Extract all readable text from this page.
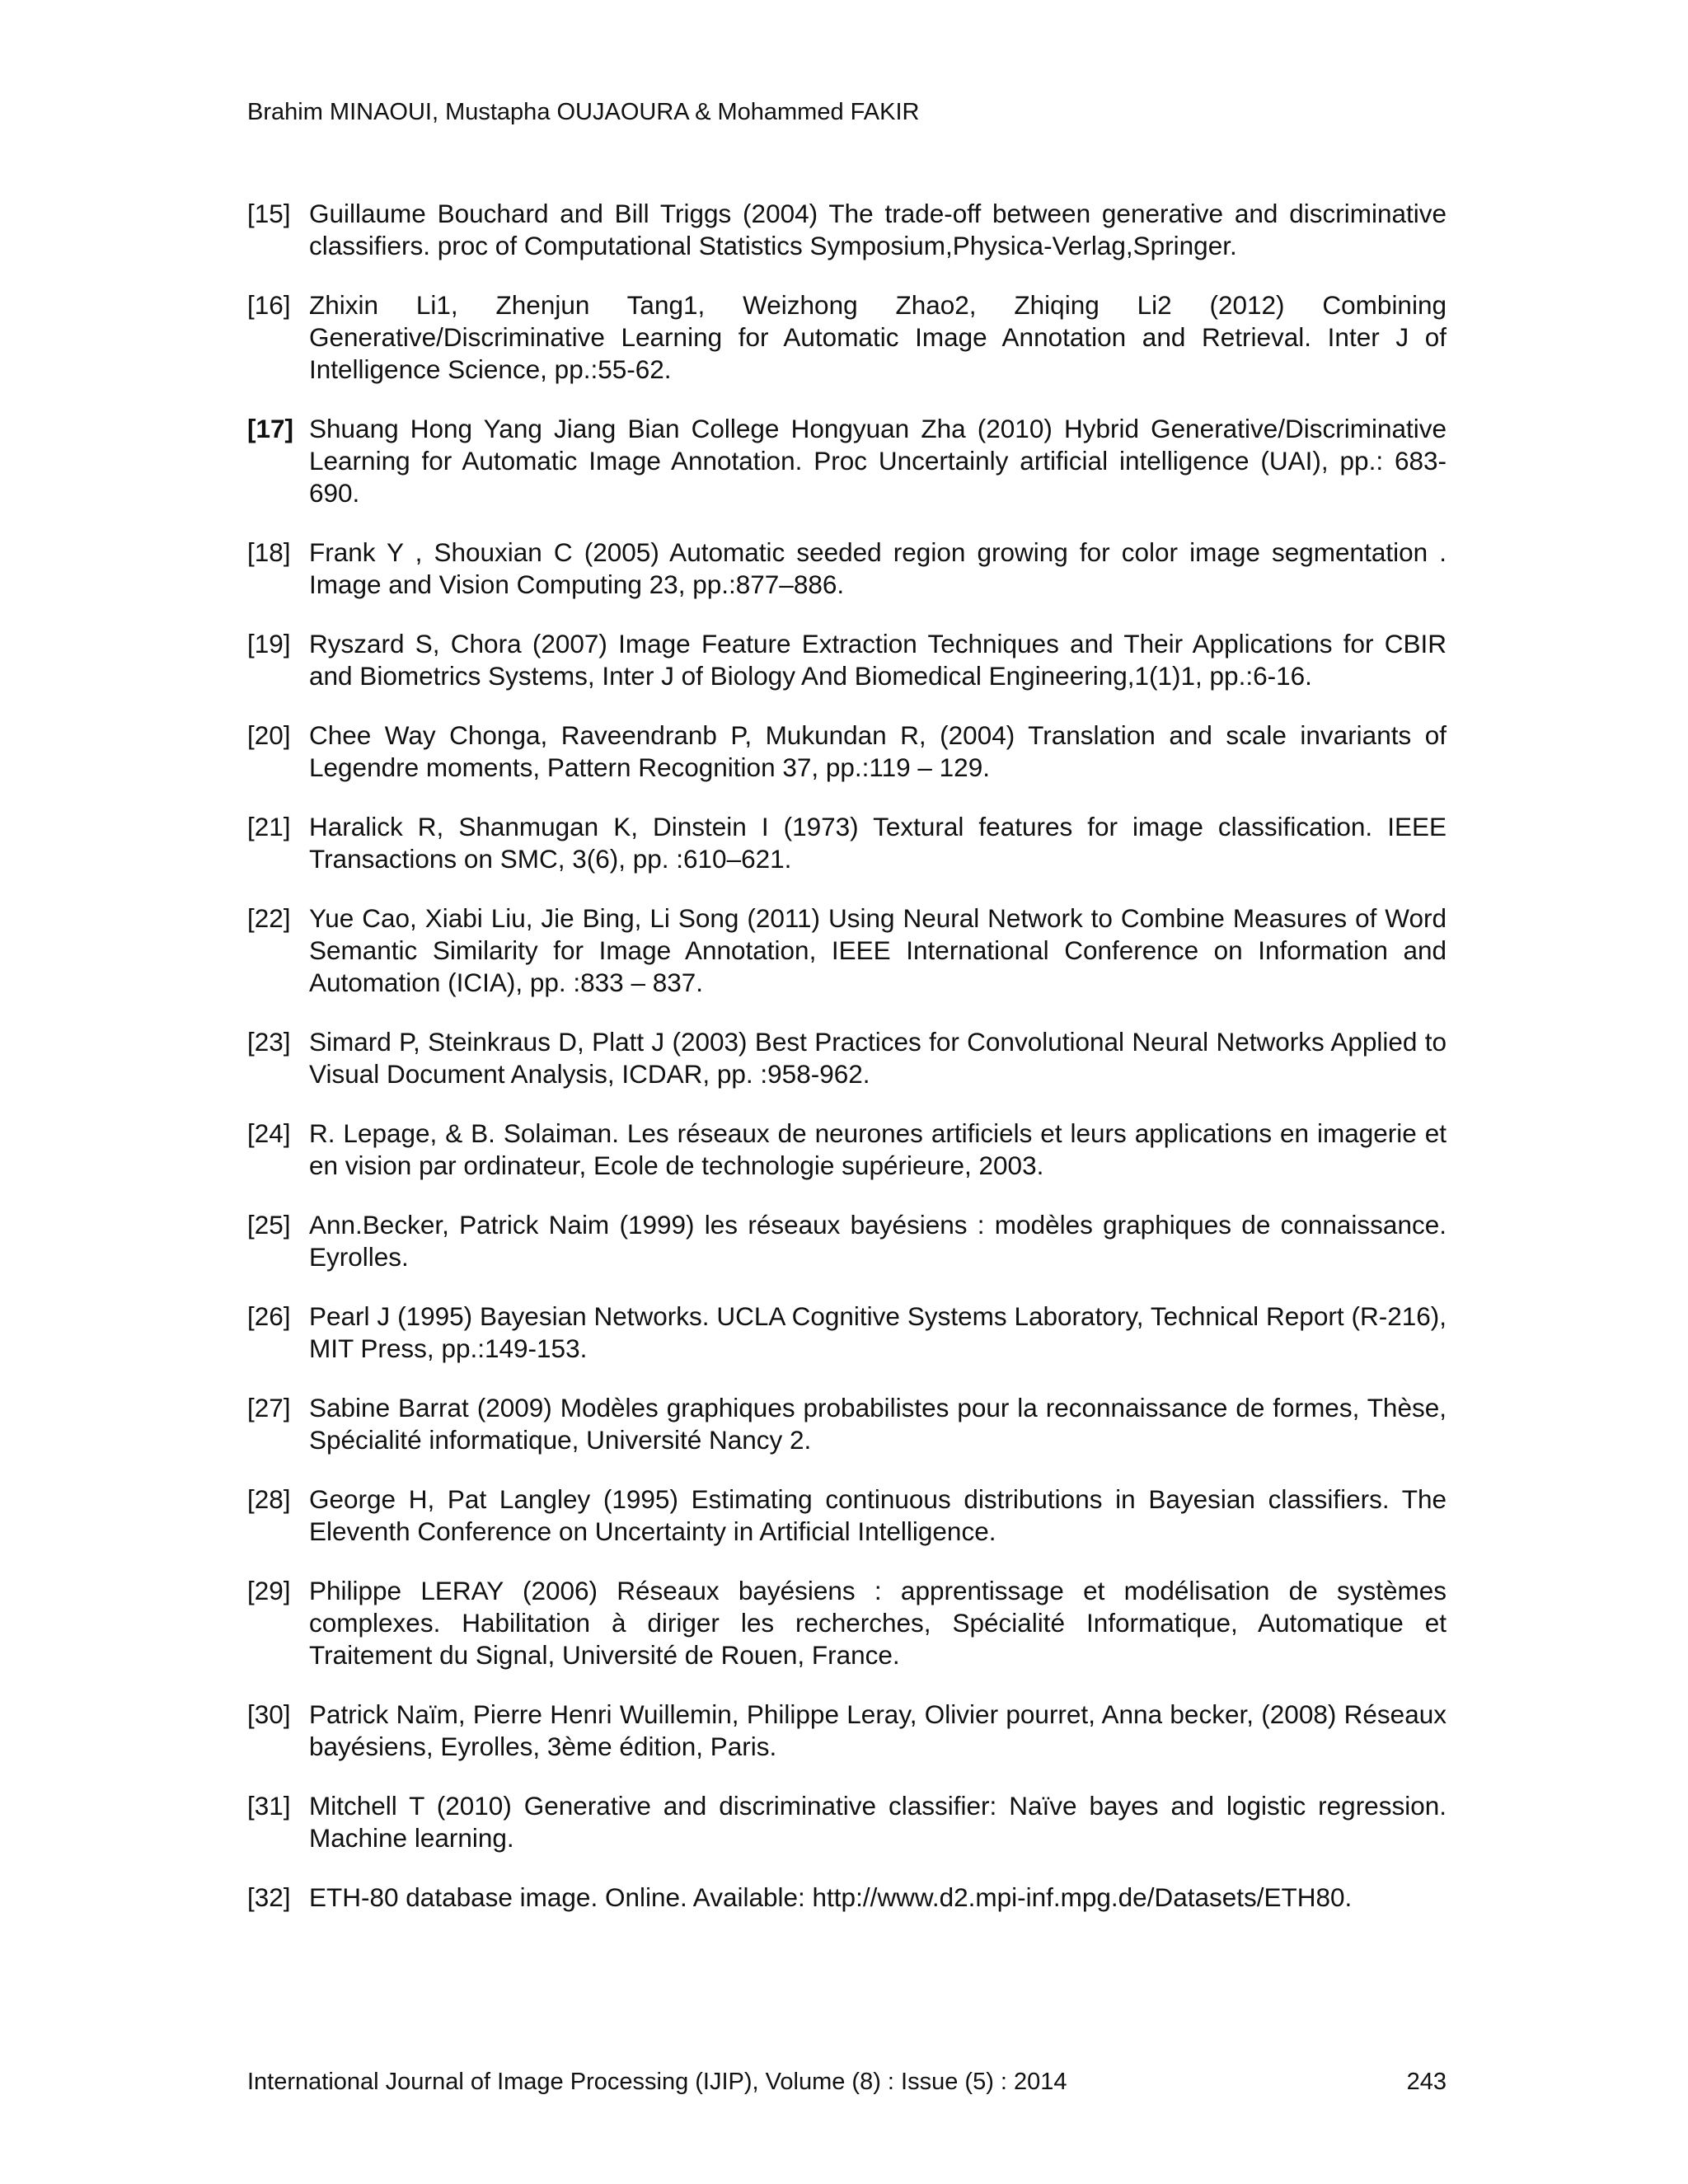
Brahim MINAOUI, Mustapha OUJAOURA & Mohammed FAKIR
[15] Guillaume Bouchard and Bill Triggs (2004) The trade-off between generative and discriminative classifiers. proc of Computational Statistics Symposium,Physica-Verlag,Springer.
[16] Zhixin Li1, Zhenjun Tang1, Weizhong Zhao2, Zhiqing Li2 (2012) Combining Generative/Discriminative Learning for Automatic Image Annotation and Retrieval. Inter J of Intelligence Science, pp.:55-62.
[17] Shuang Hong Yang Jiang Bian College Hongyuan Zha (2010) Hybrid Generative/Discriminative Learning for Automatic Image Annotation. Proc Uncertainly artificial intelligence (UAI), pp.: 683-690.
[18] Frank Y , Shouxian C (2005) Automatic seeded region growing for color image segmentation . Image and Vision Computing 23, pp.:877–886.
[19] Ryszard S, Chora (2007) Image Feature Extraction Techniques and Their Applications for CBIR and Biometrics Systems, Inter J of Biology And Biomedical Engineering,1(1)1, pp.:6-16.
[20] Chee Way Chonga, Raveendranb P, Mukundan R, (2004) Translation and scale invariants of Legendre moments, Pattern Recognition 37, pp.:119 – 129.
[21] Haralick R, Shanmugan K, Dinstein I (1973) Textural features for image classification. IEEE Transactions on SMC, 3(6), pp. :610–621.
[22] Yue Cao, Xiabi Liu, Jie Bing, Li Song (2011) Using Neural Network to Combine Measures of Word Semantic Similarity for Image Annotation, IEEE International Conference on Information and Automation (ICIA), pp. :833 – 837.
[23] Simard P, Steinkraus D, Platt J (2003) Best Practices for Convolutional Neural Networks Applied to Visual Document Analysis, ICDAR, pp. :958-962.
[24] R. Lepage, & B. Solaiman. Les réseaux de neurones artificiels et leurs applications en imagerie et en vision par ordinateur, Ecole de technologie supérieure, 2003.
[25] Ann.Becker, Patrick Naim (1999) les réseaux bayésiens : modèles graphiques de connaissance. Eyrolles.
[26] Pearl J (1995) Bayesian Networks. UCLA Cognitive Systems Laboratory, Technical Report (R-216), MIT Press, pp.:149-153.
[27] Sabine Barrat (2009) Modèles graphiques probabilistes pour la reconnaissance de formes, Thèse, Spécialité informatique, Université Nancy 2.
[28] George H, Pat Langley (1995) Estimating continuous distributions in Bayesian classifiers. The Eleventh Conference on Uncertainty in Artificial Intelligence.
[29] Philippe LERAY (2006) Réseaux bayésiens : apprentissage et modélisation de systèmes complexes. Habilitation à diriger les recherches, Spécialité Informatique, Automatique et Traitement du Signal, Université de Rouen, France.
[30] Patrick Naïm, Pierre Henri Wuillemin, Philippe Leray, Olivier pourret, Anna becker, (2008) Réseaux bayésiens, Eyrolles, 3ème édition, Paris.
[31] Mitchell T (2010) Generative and discriminative classifier: Naïve bayes and logistic regression. Machine learning.
[32] ETH-80 database image. Online. Available: http://www.d2.mpi-inf.mpg.de/Datasets/ETH80.
International Journal of Image Processing (IJIP), Volume (8) : Issue (5) : 2014	243
